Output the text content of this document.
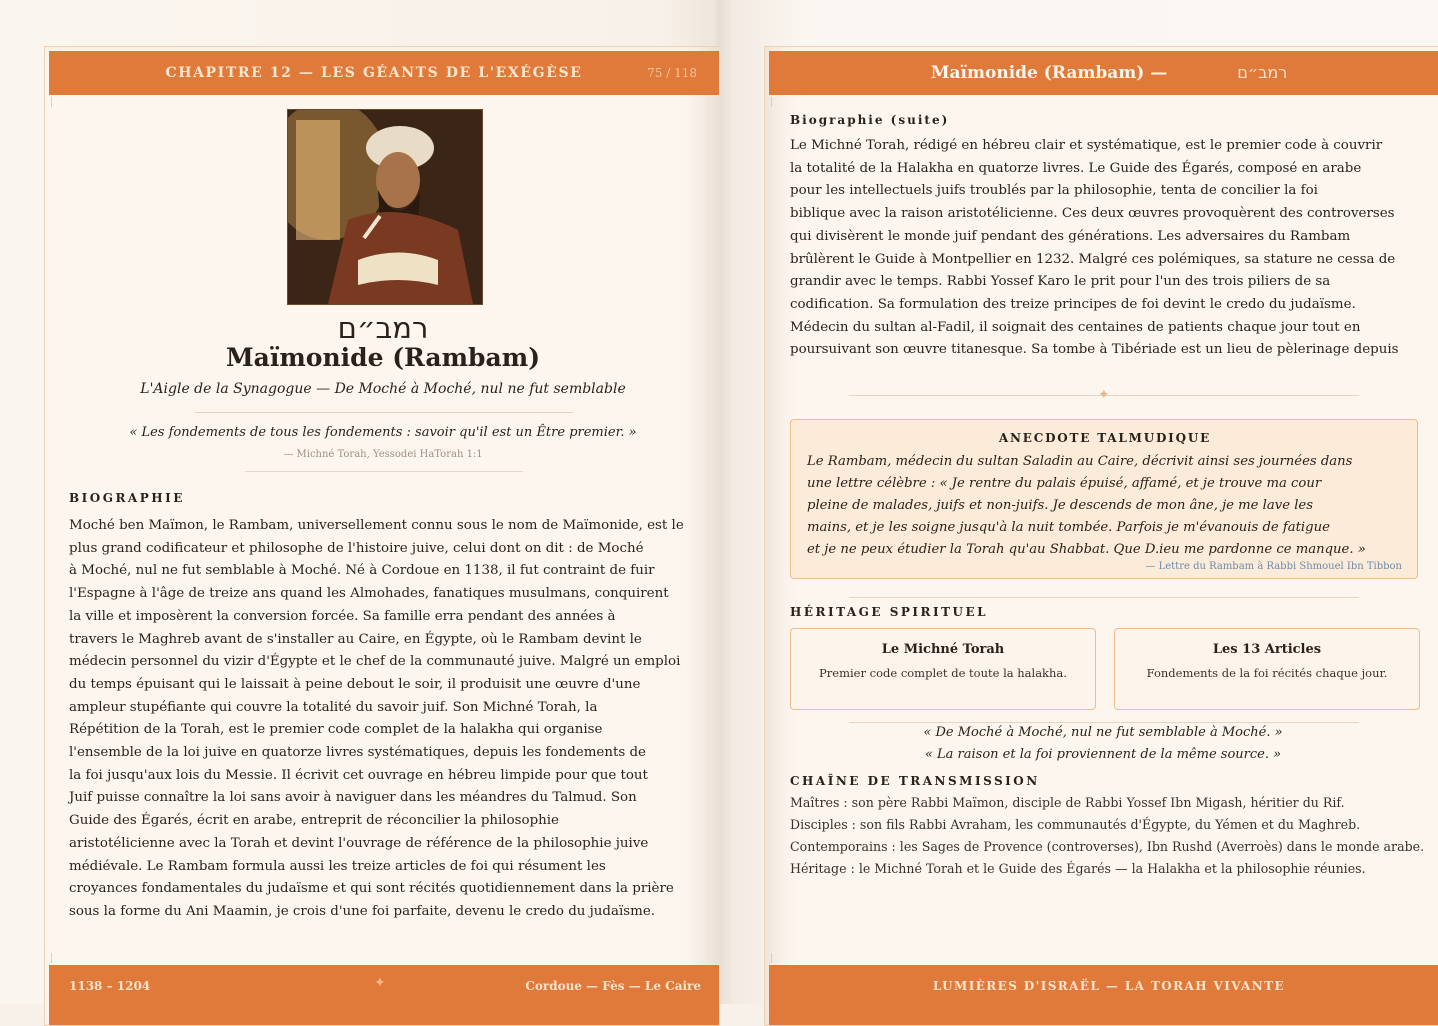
CHAPITRE 12 — LES GÉANTS DE L'EXÉGÈSE	75 / 118
רמב״ם
Maïmonide (Rambam)
L'Aigle de la Synagogue — De Moché à Moché, nul ne fut semblable
« Les fondements de tous les fondements : savoir qu'il est un Être premier. »
— Michné Torah, Yessodei HaTorah 1:1
BIOGRAPHIE
Moché ben Maïmon, le Rambam, universellement connu sous le nom de Maïmonide, est le
plus grand codificateur et philosophe de l'histoire juive, celui dont on dit : de Moché
à Moché, nul ne fut semblable à Moché. Né à Cordoue en 1138, il fut contraint de fuir
l'Espagne à l'âge de treize ans quand les Almohades, fanatiques musulmans, conquirent
la ville et imposèrent la conversion forcée. Sa famille erra pendant des années à
travers le Maghreb avant de s'installer au Caire, en Égypte, où le Rambam devint le
médecin personnel du vizir d'Égypte et le chef de la communauté juive. Malgré un emploi
du temps épuisant qui le laissait à peine debout le soir, il produisit une œuvre d'une
ampleur stupéfiante qui couvre la totalité du savoir juif. Son Michné Torah, la
Répétition de la Torah, est le premier code complet de la halakha qui organise
l'ensemble de la loi juive en quatorze livres systématiques, depuis les fondements de
la foi jusqu'aux lois du Messie. Il écrivit cet ouvrage en hébreu limpide pour que tout
Juif puisse connaître la loi sans avoir à naviguer dans les méandres du Talmud. Son
Guide des Égarés, écrit en arabe, entreprit de réconcilier la philosophie
aristotélicienne avec la Torah et devint l'ouvrage de référence de la philosophie juive
médiévale. Le Rambam formula aussi les treize articles de foi qui résument les
croyances fondamentales du judaïsme et qui sont récités quotidiennement dans la prière
sous la forme du Ani Maamin, je crois d'une foi parfaite, devenu le credo du judaïsme.
1138 – 1204	✦	Cordoue — Fès — Le Caire
Maïmonide (Rambam) —	רמב״ם
Biographie (suite)
Le Michné Torah, rédigé en hébreu clair et systématique, est le premier code à couvrir
la totalité de la Halakha en quatorze livres. Le Guide des Égarés, composé en arabe
pour les intellectuels juifs troublés par la philosophie, tenta de concilier la foi
biblique avec la raison aristotélicienne. Ces deux œuvres provoquèrent des controverses
qui divisèrent le monde juif pendant des générations. Les adversaires du Rambam
brûlèrent le Guide à Montpellier en 1232. Malgré ces polémiques, sa stature ne cessa de
grandir avec le temps. Rabbi Yossef Karo le prit pour l'un des trois piliers de sa
codification. Sa formulation des treize principes de foi devint le credo du judaïsme.
Médecin du sultan al-Fadil, il soignait des centaines de patients chaque jour tout en
poursuivant son œuvre titanesque. Sa tombe à Tibériade est un lieu de pèlerinage depuis
✦
ANECDOTE TALMUDIQUE
Le Rambam, médecin du sultan Saladin au Caire, décrivit ainsi ses journées dans
une lettre célèbre : « Je rentre du palais épuisé, affamé, et je trouve ma cour
pleine de malades, juifs et non-juifs. Je descends de mon âne, je me lave les
mains, et je les soigne jusqu'à la nuit tombée. Parfois je m'évanouis de fatigue
et je ne peux étudier la Torah qu'au Shabbat. Que D.ieu me pardonne ce manque. »
— Lettre du Rambam à Rabbi Shmouel Ibn Tibbon
HÉRITAGE SPIRITUEL
Le Michné Torah
Premier code complet de toute la halakha.
Les 13 Articles
Fondements de la foi récités chaque jour.
« De Moché à Moché, nul ne fut semblable à Moché. »
« La raison et la foi proviennent de la même source. »
CHAÎNE DE TRANSMISSION
Maîtres : son père Rabbi Maïmon, disciple de Rabbi Yossef Ibn Migash, héritier du Rif.
Disciples : son fils Rabbi Avraham, les communautés d'Égypte, du Yémen et du Maghreb.
Contemporains : les Sages de Provence (controverses), Ibn Rushd (Averroès) dans le monde arabe.
Héritage : le Michné Torah et le Guide des Égarés — la Halakha et la philosophie réunies.
LUMIÈRES D'ISRAËL — LA TORAH VIVANTE
